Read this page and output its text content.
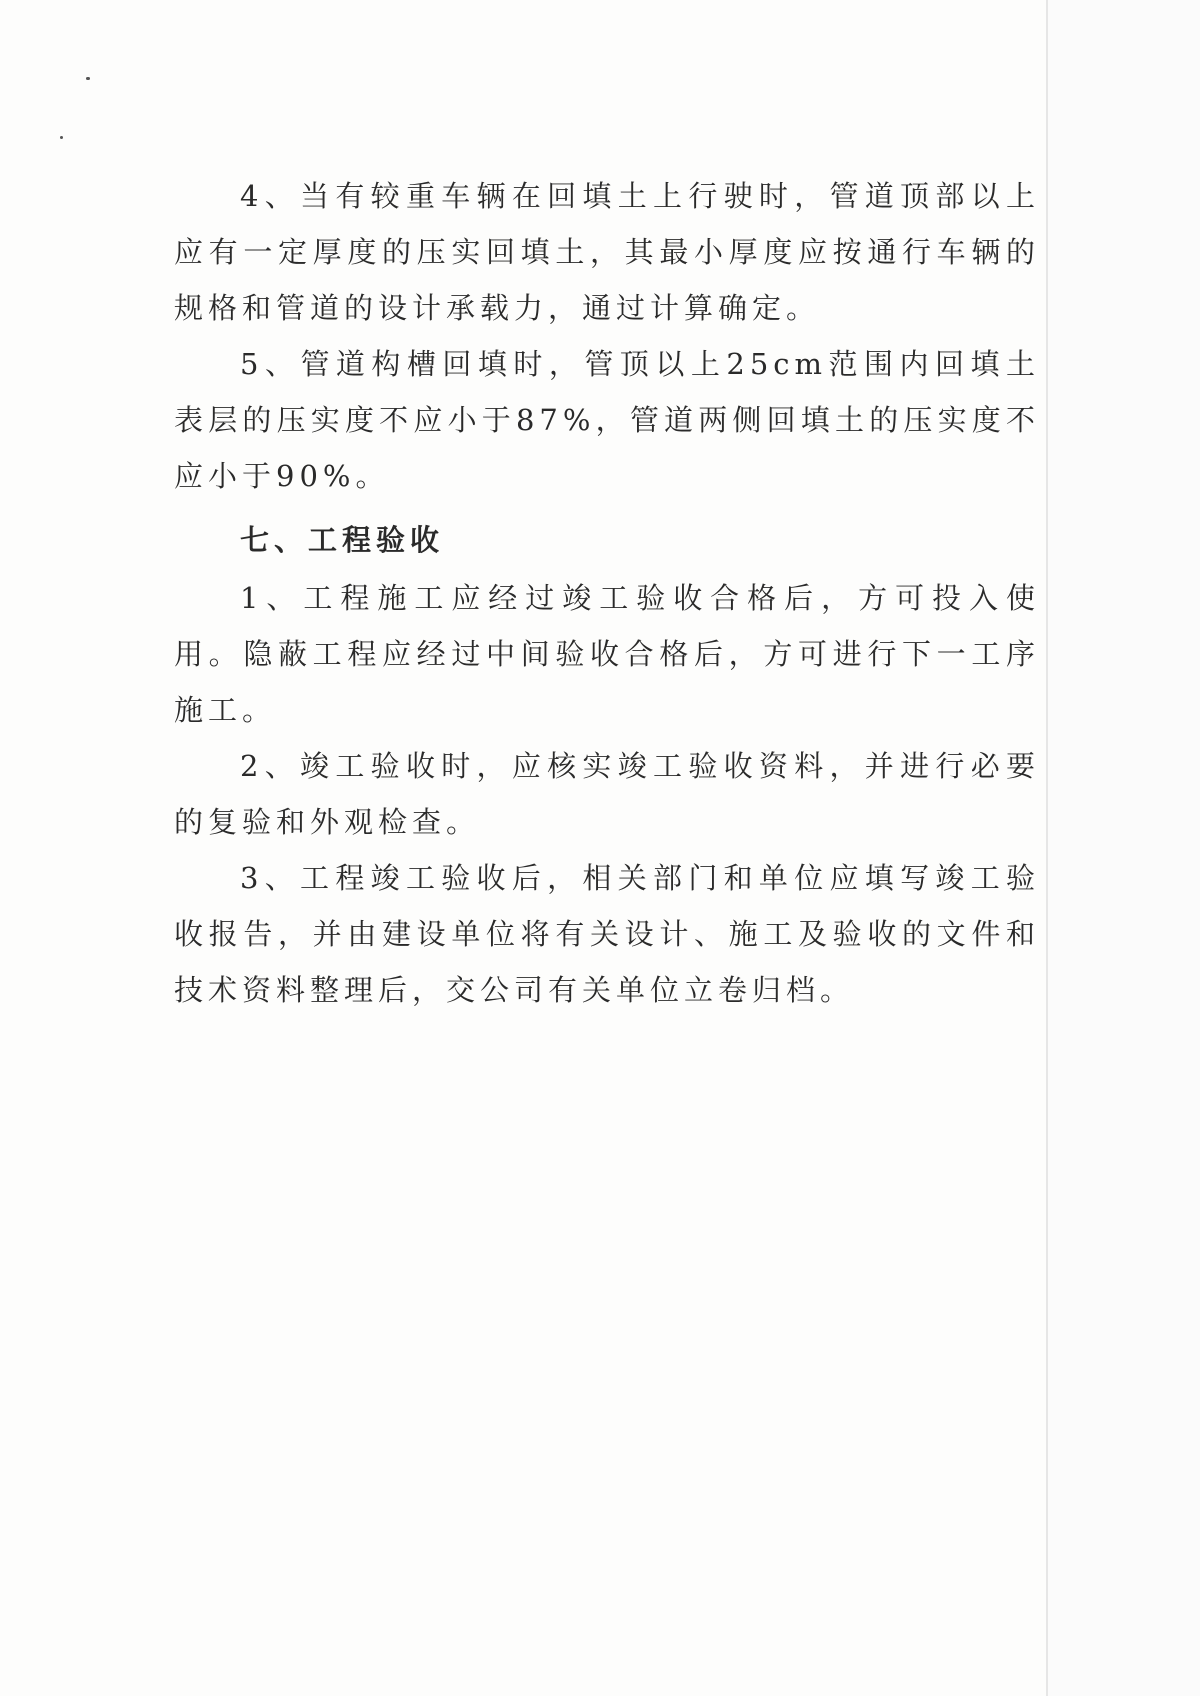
4、当有较重车辆在回填土上行驶时，管道顶部以上应有一定厚度的压实回填土，其最小厚度应按通行车辆的规格和管道的设计承载力，通过计算确定。

5、管道构槽回填时，管顶以上25cm范围内回填土表层的压实度不应小于87%，管道两侧回填土的压实度不应小于90%。

七、工程验收

1、工程施工应经过竣工验收合格后，方可投入使用。隐蔽工程应经过中间验收合格后，方可进行下一工序施工。

2、竣工验收时，应核实竣工验收资料，并进行必要的复验和外观检查。

3、工程竣工验收后，相关部门和单位应填写竣工验收报告，并由建设单位将有关设计、施工及验收的文件和技术资料整理后，交公司有关单位立卷归档。
